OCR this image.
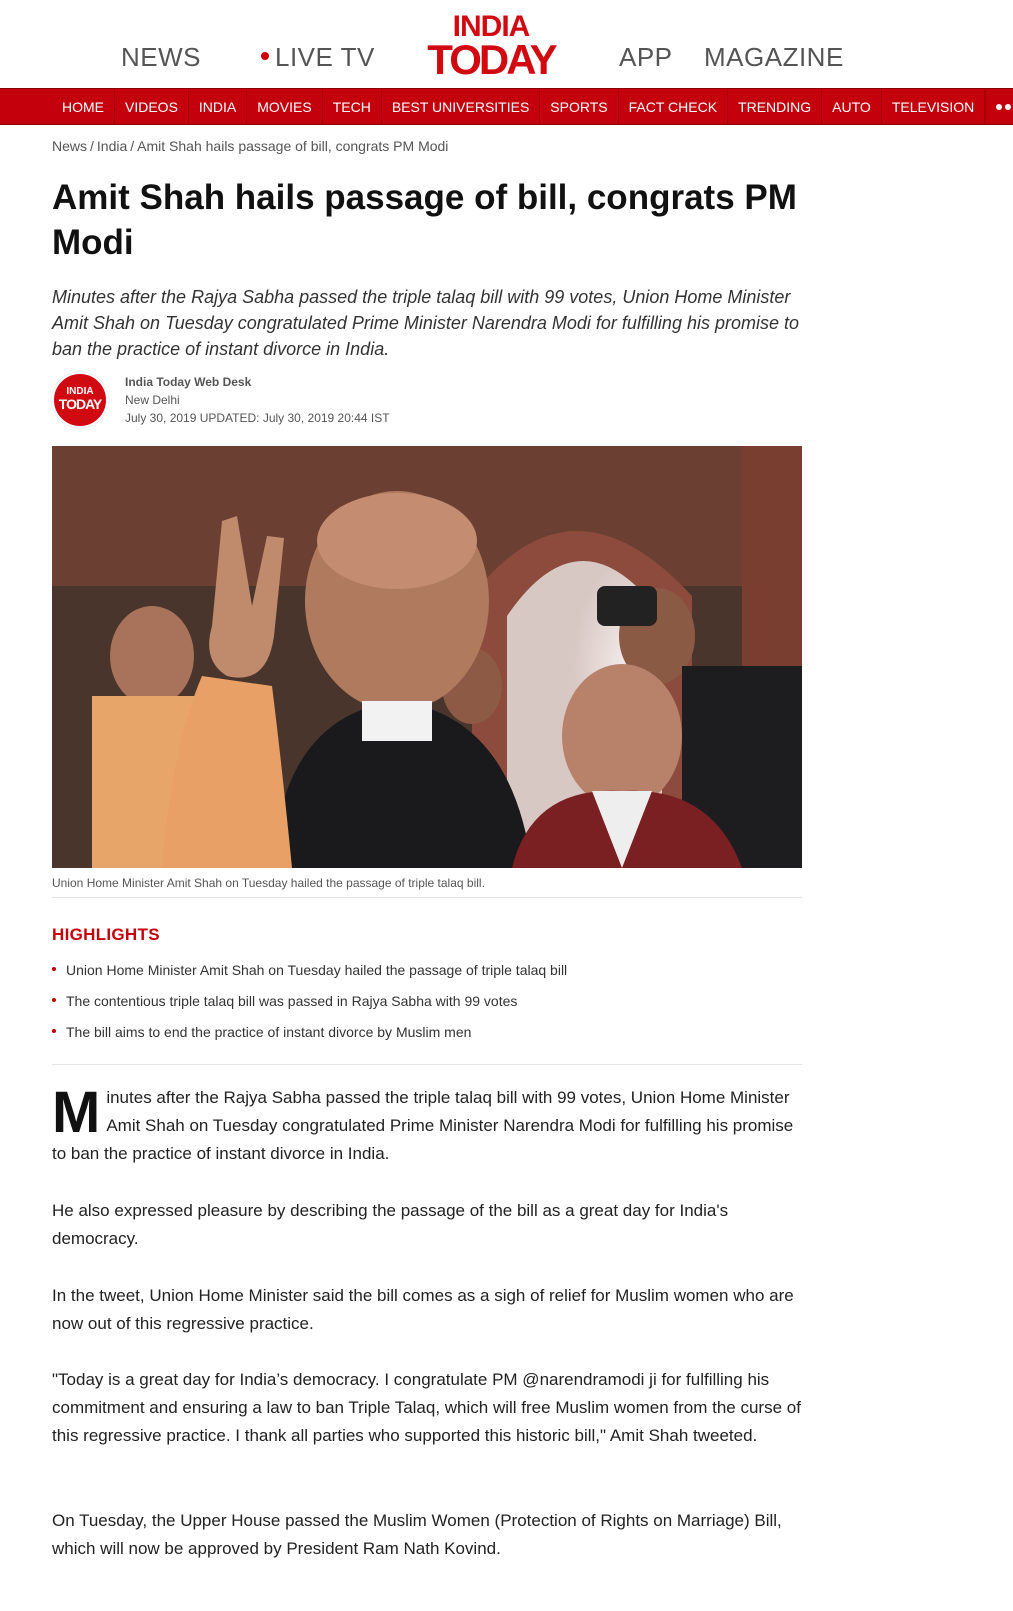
NEWS	LIVE TV
INDIA
TODAY	APP MAGAZINE
HOME	VIDEOS	INDIA	MOVIES	TECH	BEST UNIVERSITIES	SPORTS	FACT CHECK	TRENDING	AUTO	TELEVISION
News / India / Amit Shah hails passage of bill, congrats PM Modi
Amit Shah hails passage of bill, congrats PM Modi

Minutes after the Rajya Sabha passed the triple talaq bill with 99 votes, Union Home Minister Amit Shah on Tuesday congratulated Prime Minister Narendra Modi for fulfilling his promise to ban the practice of instant divorce in India.

INDIA
TODAY
India Today Web Desk
New Delhi
July 30, 2019 UPDATED: July 30, 2019 20:44 IST
Union Home Minister Amit Shah on Tuesday hailed the passage of triple talaq bill.
HIGHLIGHTS
Union Home Minister Amit Shah on Tuesday hailed the passage of triple talaq bill
The contentious triple talaq bill was passed in Rajya Sabha with 99 votes
The bill aims to end the practice of instant divorce by Muslim men

Minutes after the Rajya Sabha passed the triple talaq bill with 99 votes, Union Home Minister Amit Shah on Tuesday congratulated Prime Minister Narendra Modi for fulfilling his promise to ban the practice of instant divorce in India.

He also expressed pleasure by describing the passage of the bill as a great day for India's democracy.

In the tweet, Union Home Minister said the bill comes as a sigh of relief for Muslim women who are now out of this regressive practice.

"Today is a great day for India’s democracy. I congratulate PM @narendramodi ji for fulfilling his commitment and ensuring a law to ban Triple Talaq, which will free Muslim women from the curse of this regressive practice. I thank all parties who supported this historic bill," Amit Shah tweeted.

On Tuesday, the Upper House passed the Muslim Women (Protection of Rights on Marriage) Bill, which will now be approved by President Ram Nath Kovind.
